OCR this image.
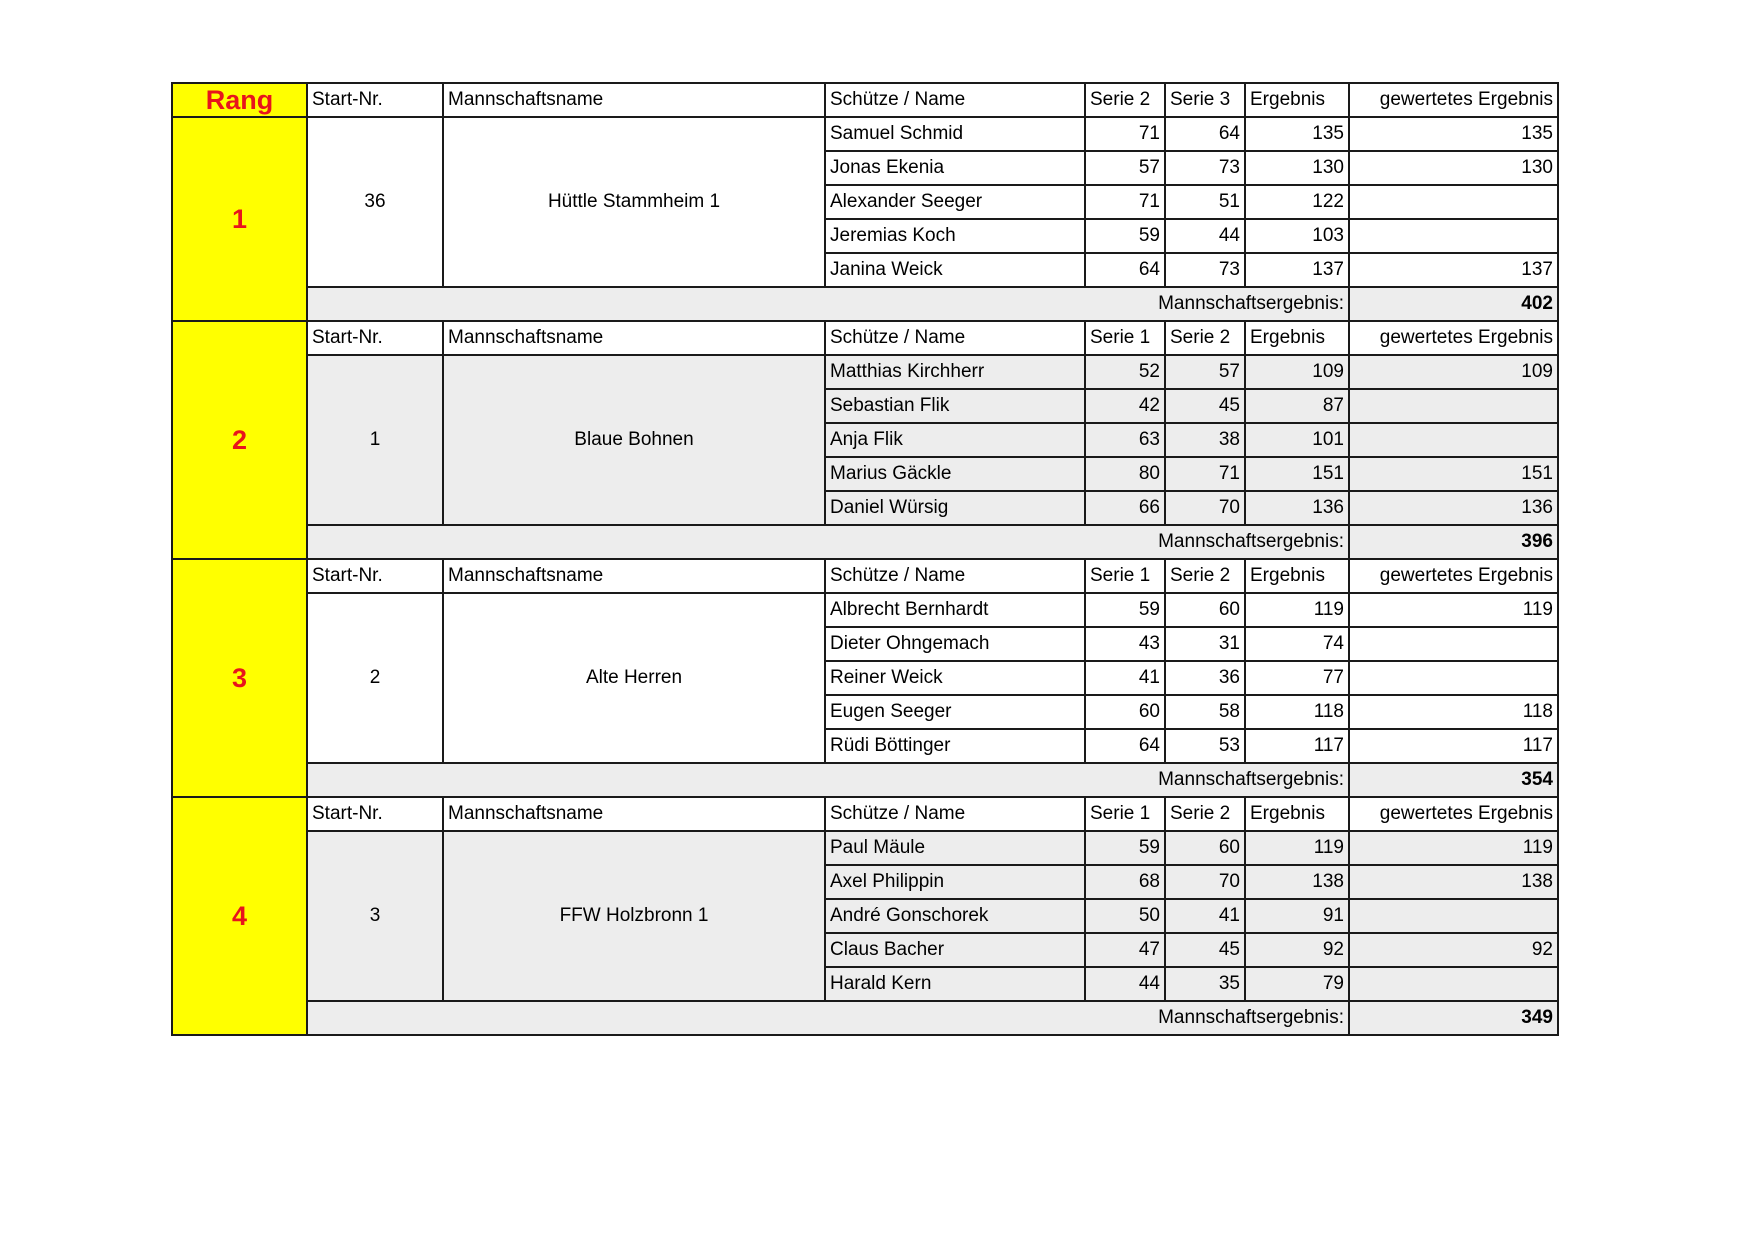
Rang	Start-Nr.	Mannschaftsname	Schütze / Name	Serie 2	Serie 3	Ergebnis	gewertetes Ergebnis
1	36	Hüttle Stammheim 1	Samuel Schmid	71	64	135	135
			Jonas Ekenia	57	73	130	130
			Alexander Seeger	71	51	122	
			Jeremias Koch	59	44	103	
			Janina Weick	64	73	137	137
	Mannschaftsergebnis:						402
2	Start-Nr.	Mannschaftsname	Schütze / Name	Serie 1	Serie 2	Ergebnis	gewertetes Ergebnis
	1	Blaue Bohnen	Matthias Kirchherr	52	57	109	109
			Sebastian Flik	42	45	87	
			Anja Flik	63	38	101	
			Marius Gäckle	80	71	151	151
			Daniel Würsig	66	70	136	136
	Mannschaftsergebnis:						396
3	Start-Nr.	Mannschaftsname	Schütze / Name	Serie 1	Serie 2	Ergebnis	gewertetes Ergebnis
	2	Alte Herren	Albrecht Bernhardt	59	60	119	119
			Dieter Ohngemach	43	31	74	
			Reiner Weick	41	36	77	
			Eugen Seeger	60	58	118	118
			Rüdi Böttinger	64	53	117	117
	Mannschaftsergebnis:						354
4	Start-Nr.	Mannschaftsname	Schütze / Name	Serie 1	Serie 2	Ergebnis	gewertetes Ergebnis
	3	FFW Holzbronn 1	Paul Mäule	59	60	119	119
			Axel Philippin	68	70	138	138
			André Gonschorek	50	41	91	
			Claus Bacher	47	45	92	92
			Harald Kern	44	35	79	
	Mannschaftsergebnis:						349
